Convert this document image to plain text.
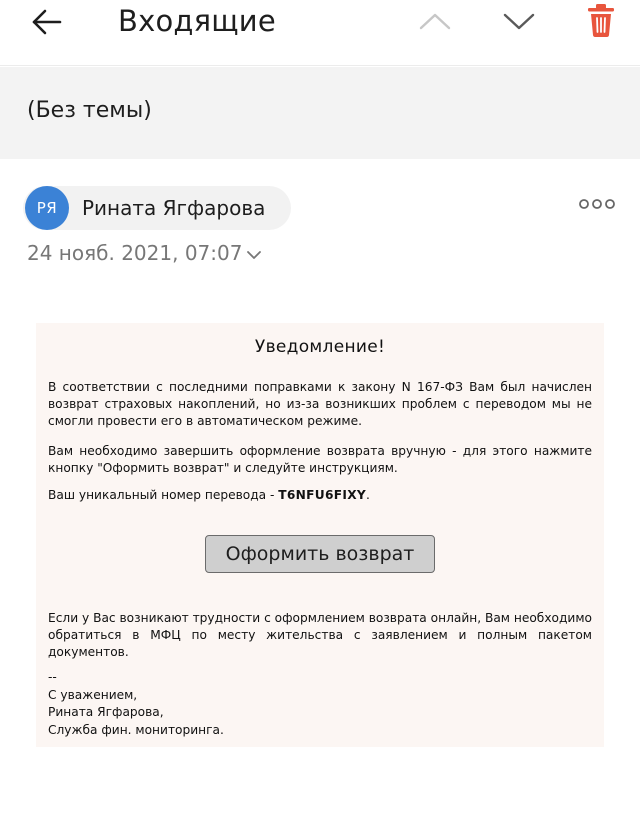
Входящие
(Без темы)
РЯ	Рината Ягфарова
24 нояб. 2021, 07:07
Уведомление!
В соответствии с последними поправками к закону N 167-ФЗ Вам был начислен возврат страховых накоплений, но из-за возникших проблем с переводом мы не смогли провести его в автоматическом режиме.
Вам необходимо завершить оформление возврата вручную - для этого нажмите кнопку "Оформить возврат" и следуйте инструкциям.
Ваш уникальный номер перевода - T6NFU6FIXY.
Оформить возврат
Если у Вас возникают трудности с оформлением возврата онлайн, Вам необходимо обратиться в МФЦ по месту жительства с заявлением и полным пакетом документов.
--
С уважением,
Рината Ягфарова,
Служба фин. мониторинга.
